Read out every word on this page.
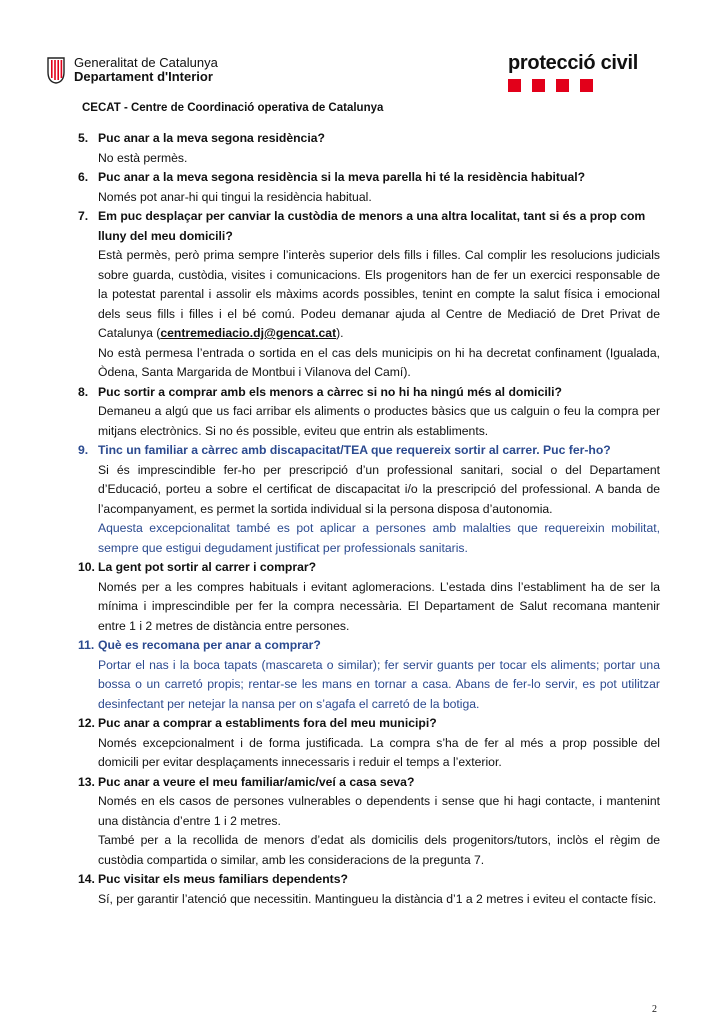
Generalitat de Catalunya
Departament d'Interior
protecció civil
CECAT - Centre de Coordinació operativa de Catalunya
5. Puc anar a la meva segona residència?
No està permès.
6. Puc anar a la meva segona residència si la meva parella hi té la residència habitual?
Només pot anar-hi qui tingui la residència habitual.
7. Em puc desplaçar per canviar la custòdia de menors a una altra localitat, tant si és a prop com lluny del meu domicili?
Està permès, però prima sempre l’interès superior dels fills i filles. Cal complir les resolucions judicials sobre guarda, custòdia, visites i comunicacions. Els progenitors han de fer un exercici responsable de la potestat parental i assolir els màxims acords possibles, tenint en compte la salut física i emocional dels seus fills i filles i el bé comú. Podeu demanar ajuda al Centre de Mediació de Dret Privat de Catalunya (centremediacio.dj@gencat.cat).
No està permesa l’entrada o sortida en el cas dels municipis on hi ha decretat confinament (Igualada, Òdena, Santa Margarida de Montbui i Vilanova del Camí).
8. Puc sortir a comprar amb els menors a càrrec si no hi ha ningú més al domicili?
Demaneu a algú que us faci arribar els aliments o productes bàsics que us calguin o feu la compra per mitjans electrònics. Si no és possible, eviteu que entrin als establiments.
9. Tinc un familiar a càrrec amb discapacitat/TEA que requereix sortir al carrer. Puc fer-ho?
Si és imprescindible fer-ho per prescripció d’un professional sanitari, social o del Departament d’Educació, porteu a sobre el certificat de discapacitat i/o la prescripció del professional. A banda de l’acompanyament, es permet la sortida individual si la persona disposa d’autonomia.
Aquesta excepcionalitat també es pot aplicar a persones amb malalties que requereixin mobilitat, sempre que estigui degudament justificat per professionals sanitaris.
10. La gent pot sortir al carrer i comprar?
Només per a les compres habituals i evitant aglomeracions. L’estada dins l’establiment ha de ser la mínima i imprescindible per fer la compra necessària. El Departament de Salut recomana mantenir entre 1 i 2 metres de distància entre persones.
11. Què es recomana per anar a comprar?
Portar el nas i la boca tapats (mascareta o similar); fer servir guants per tocar els aliments; portar una bossa o un carretó propis; rentar-se les mans en tornar a casa. Abans de fer-lo servir, es pot utilitzar desinfectant per netejar la nansa per on s’agafa el carretó de la botiga.
12. Puc anar a comprar a establiments fora del meu municipi?
Només excepcionalment i de forma justificada. La compra s’ha de fer al més a prop possible del domicili per evitar desplaçaments innecessaris i reduir el temps a l’exterior.
13. Puc anar a veure el meu familiar/amic/veí a casa seva?
Només en els casos de persones vulnerables o dependents i sense que hi hagi contacte, i mantenint una distància d’entre 1 i 2 metres.
També per a la recollida de menors d’edat als domicilis dels progenitors/tutors, inclòs el règim de custòdia compartida o similar, amb les consideracions de la pregunta 7.
14. Puc visitar els meus familiars dependents?
Sí, per garantir l’atenció que necessitin. Mantingueu la distància d’1 a 2 metres i eviteu el contacte físic.
2
